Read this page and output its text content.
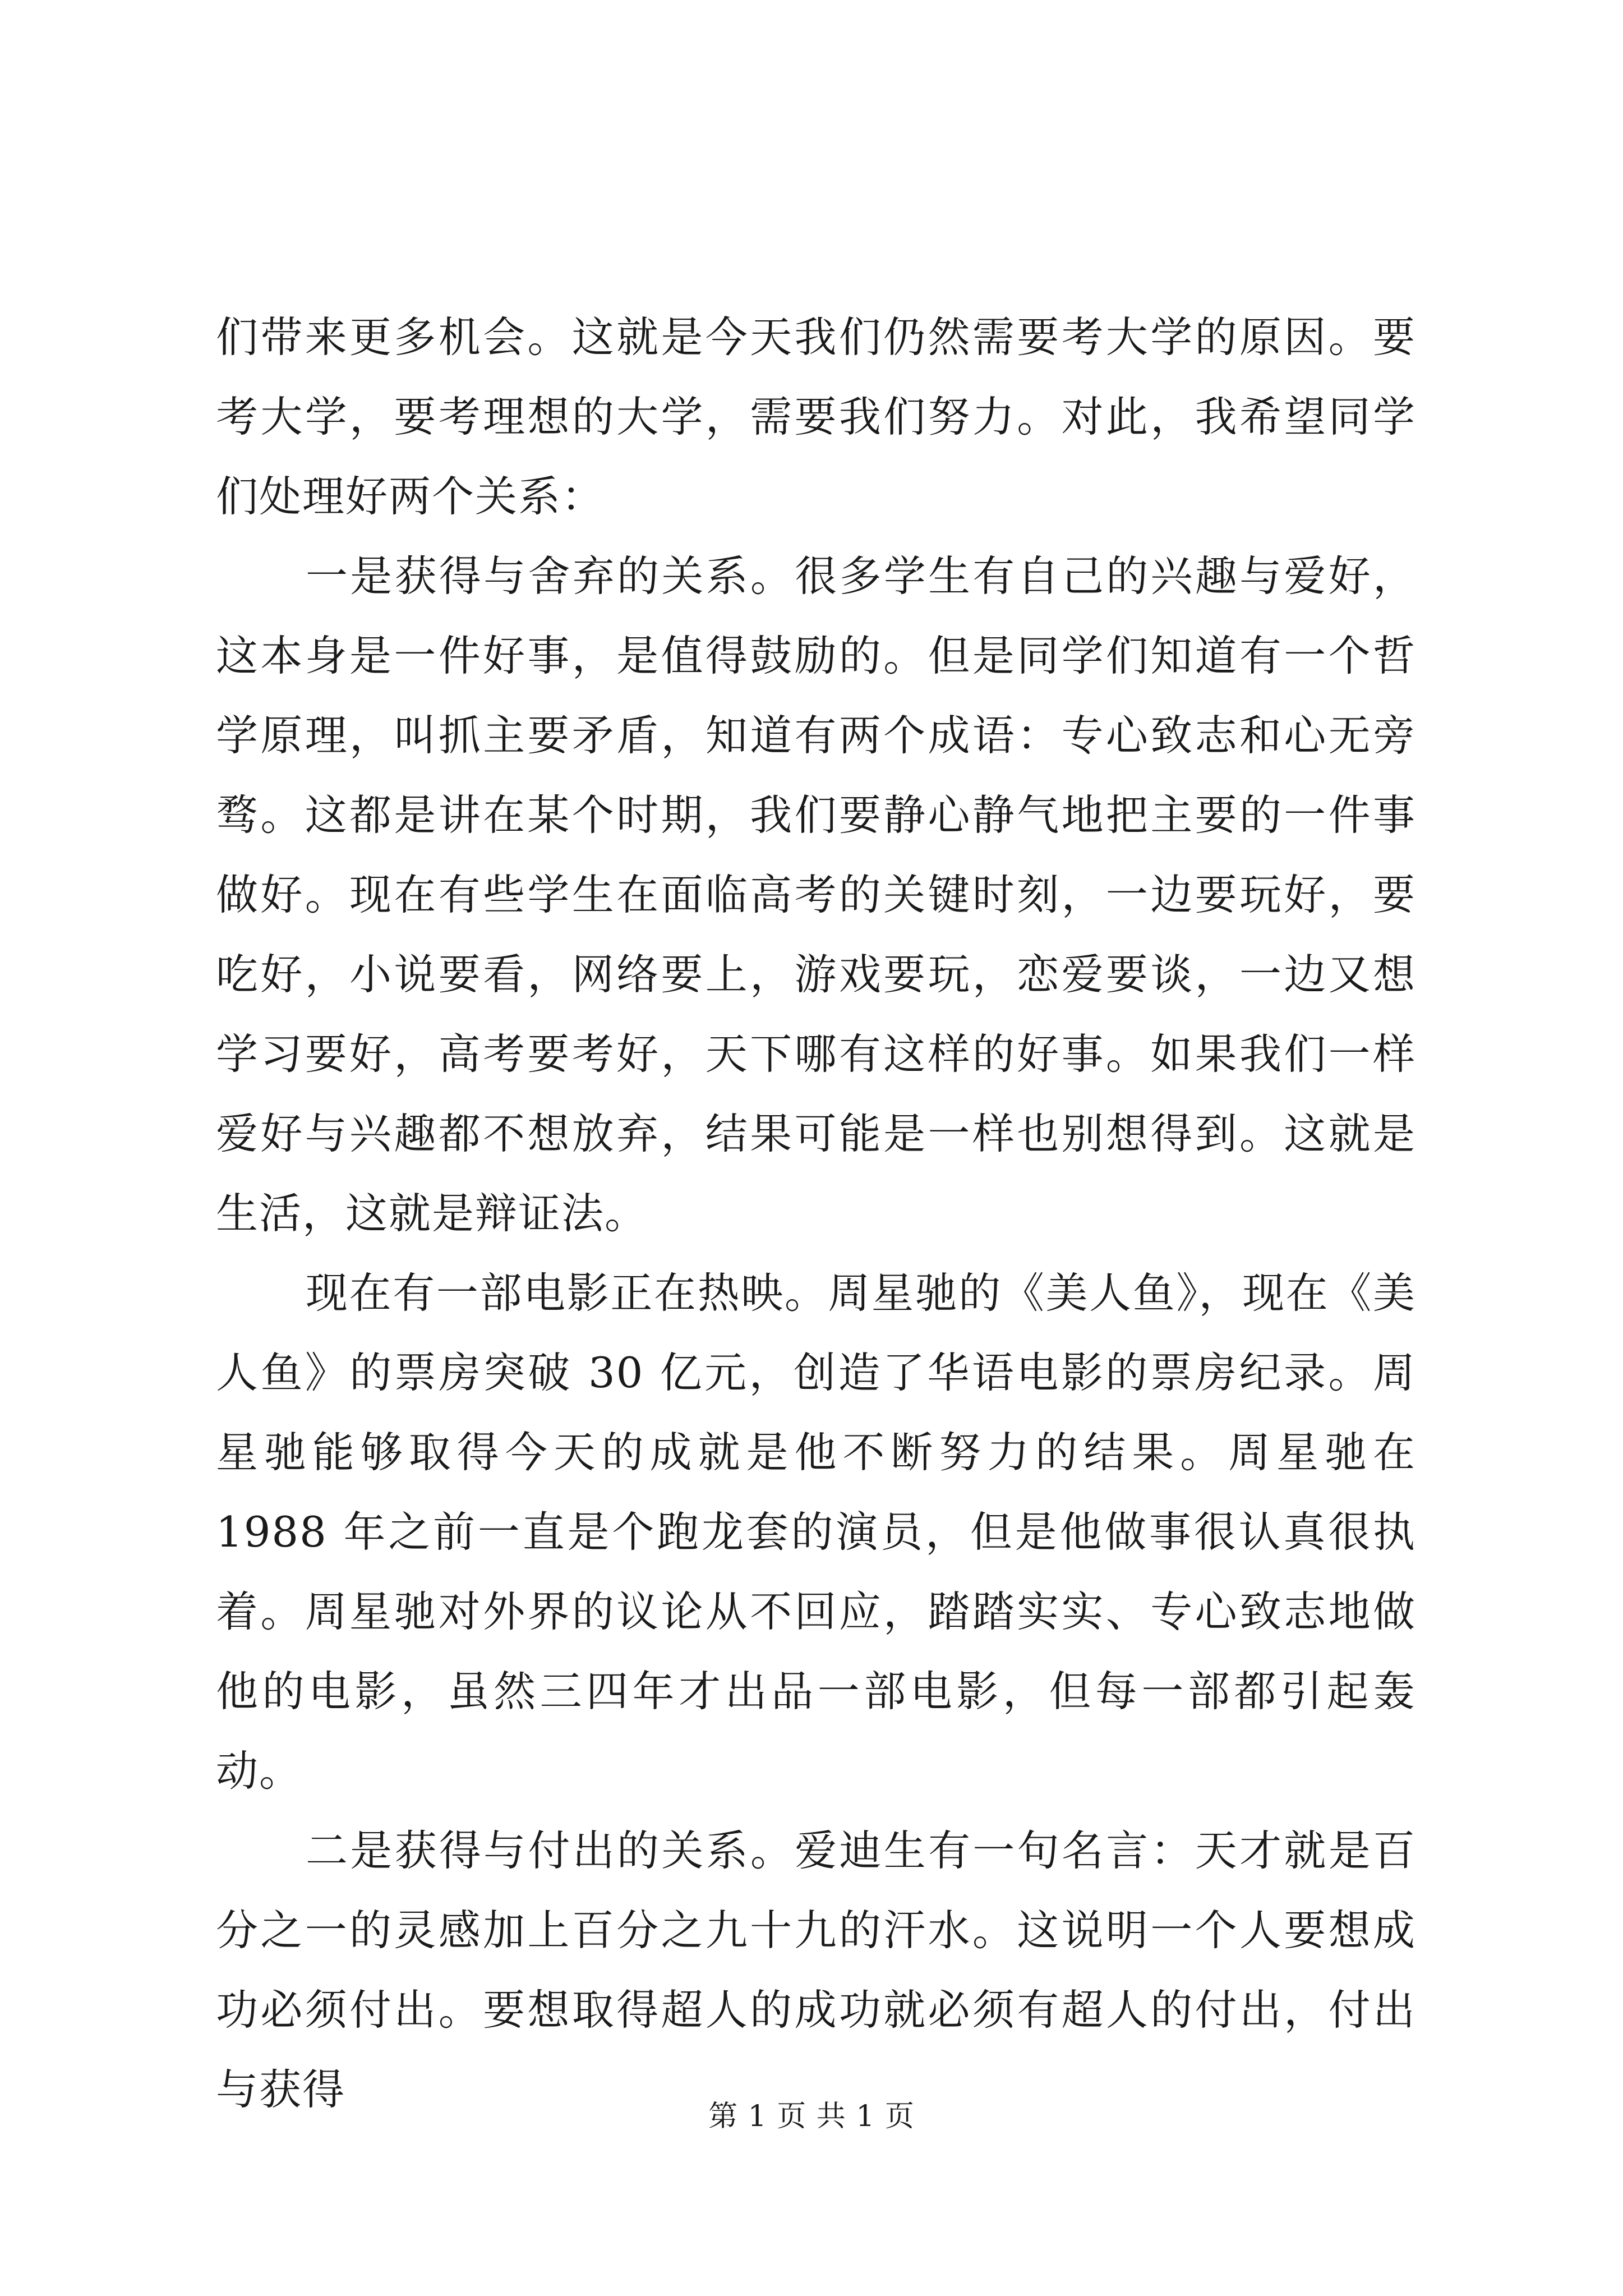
们带来更多机会。这就是今天我们仍然需要考大学的原因。要考大学，要考理想的大学，需要我们努力。对此，我希望同学们处理好两个关系：

一是获得与舍弃的关系。很多学生有自己的兴趣与爱好，这本身是一件好事，是值得鼓励的。但是同学们知道有一个哲学原理，叫抓主要矛盾，知道有两个成语：专心致志和心无旁骛。这都是讲在某个时期，我们要静心静气地把主要的一件事做好。现在有些学生在面临高考的关键时刻，一边要玩好，要吃好，小说要看，网络要上，游戏要玩，恋爱要谈，一边又想学习要好，高考要考好，天下哪有这样的好事。如果我们一样爱好与兴趣都不想放弃，结果可能是一样也别想得到。这就是生活，这就是辩证法。

现在有一部电影正在热映。周星驰的《美人鱼》，现在《美人鱼》的票房突破 30 亿元，创造了华语电影的票房纪录。周星驰能够取得今天的成就是他不断努力的结果。周星驰在 1988 年之前一直是个跑龙套的演员，但是他做事很认真很执着。周星驰对外界的议论从不回应，踏踏实实、专心致志地做他的电影，虽然三四年才出品一部电影，但每一部都引起轰动。

二是获得与付出的关系。爱迪生有一句名言：天才就是百分之一的灵感加上百分之九十九的汗水。这说明一个人要想成功必须付出。要想取得超人的成功就必须有超人的付出，付出与获得

第 1 页 共 1 页
